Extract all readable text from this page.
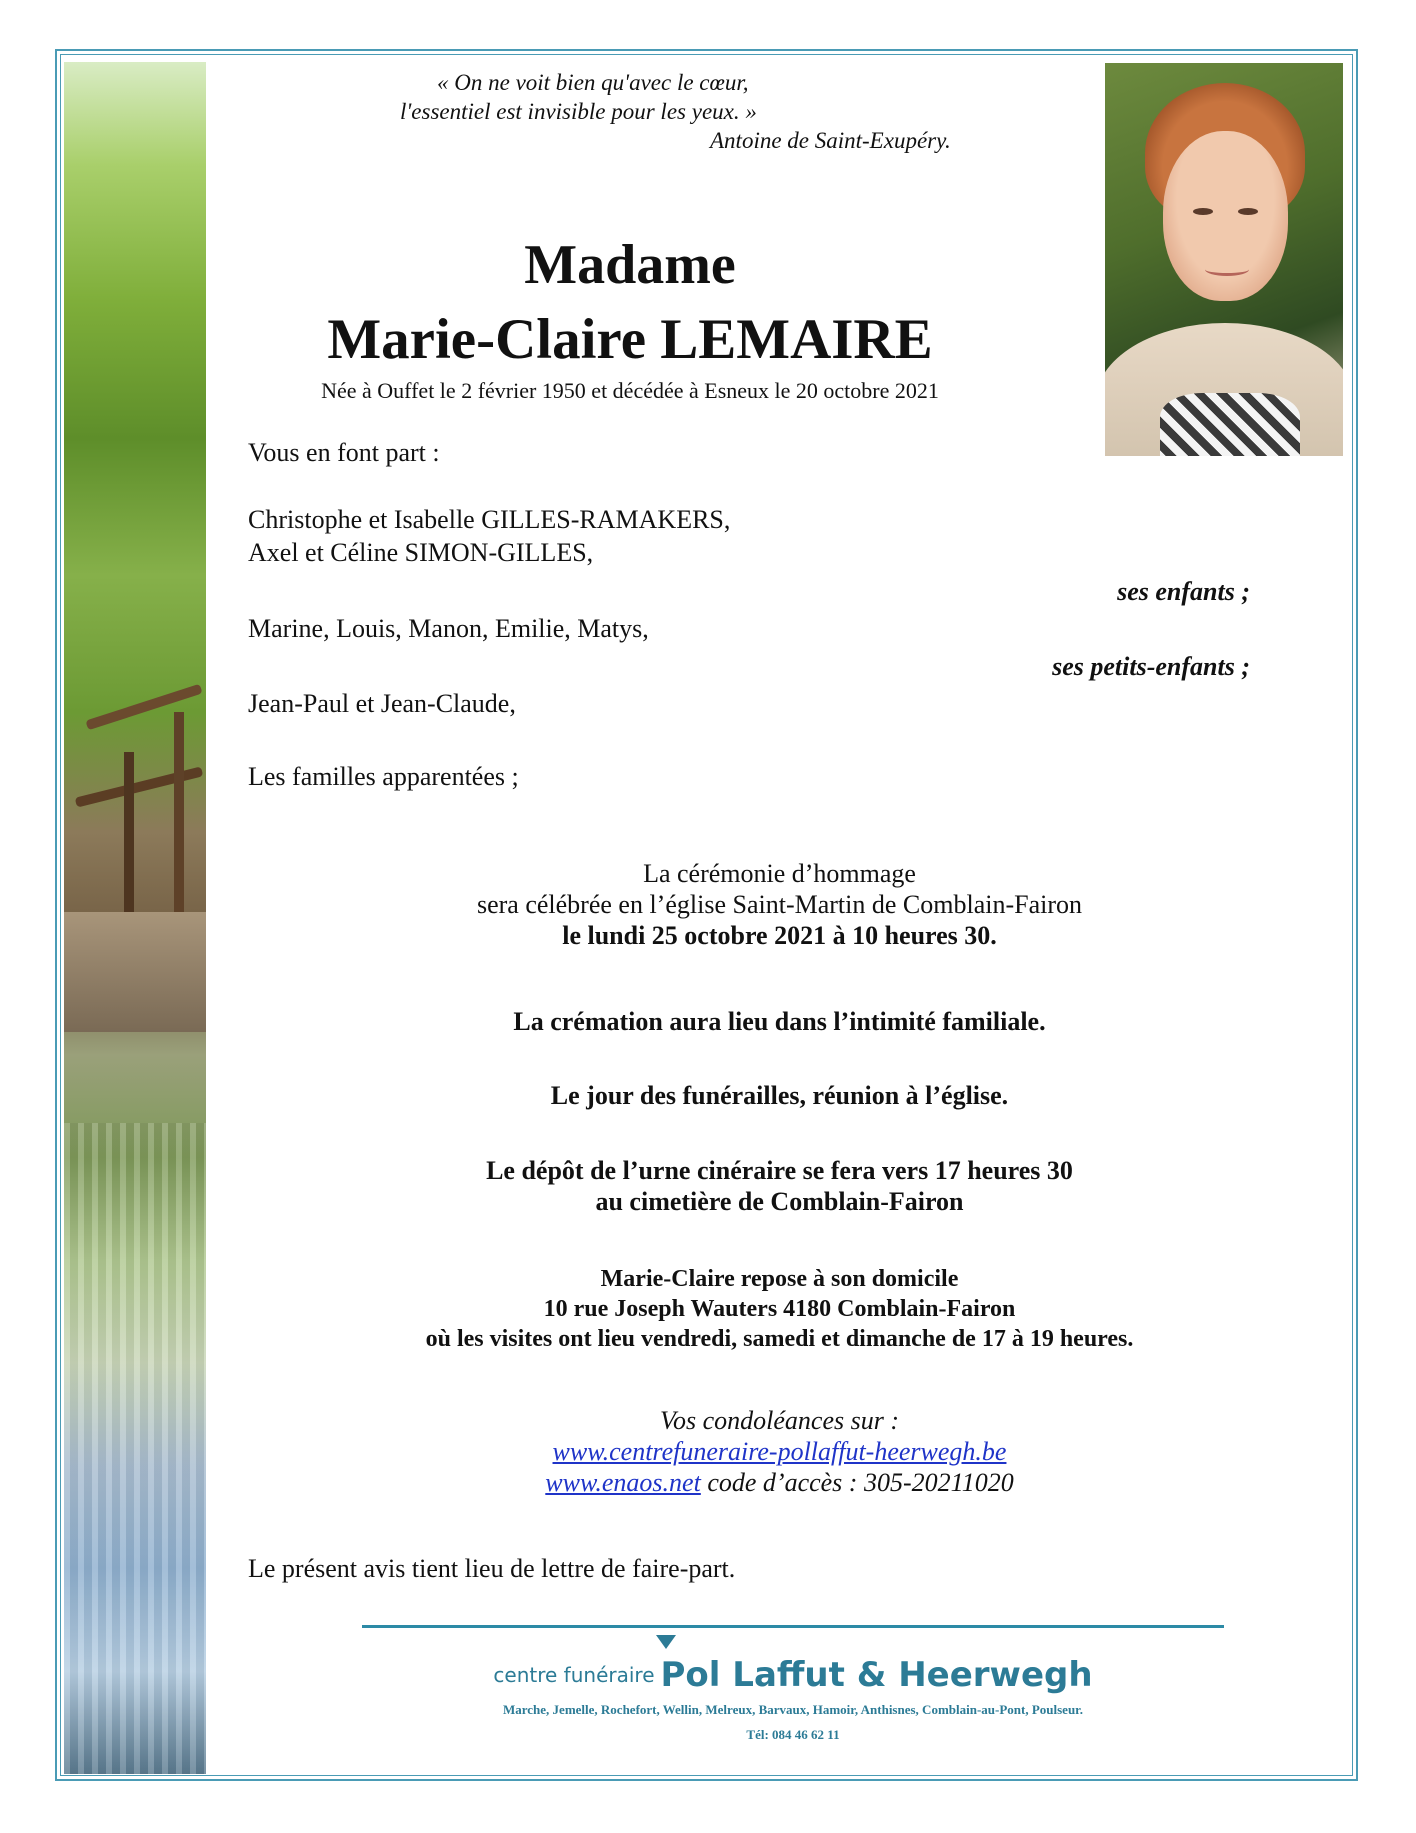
« On ne voit bien qu'avec le cœur,
l'essentiel est invisible pour les yeux. »
Antoine de Saint-Exupéry.
Madame
Marie-Claire LEMAIRE
Née à Ouffet le 2 février 1950 et décédée à Esneux le 20 octobre 2021
Vous en font part :
Christophe et Isabelle GILLES-RAMAKERS,
Axel et Céline SIMON-GILLES,
ses enfants ;
Marine, Louis, Manon, Emilie, Matys,
ses petits-enfants ;
Jean-Paul et Jean-Claude,
Les familles apparentées ;
La cérémonie d’hommage
sera célébrée en l’église Saint-Martin de Comblain-Fairon
le lundi 25 octobre 2021 à 10 heures 30.
La crémation aura lieu dans l’intimité familiale.
Le jour des funérailles, réunion à l’église.
Le dépôt de l’urne cinéraire se fera vers 17 heures 30
au cimetière de Comblain-Fairon
Marie-Claire repose à son domicile
10 rue Joseph Wauters 4180 Comblain-Fairon
où les visites ont lieu vendredi, samedi et dimanche de 17 à 19 heures.
Vos condoléances sur :
www.centrefuneraire-pollaffut-heerwegh.be
www.enaos.net code d’accès : 305-20211020
Le présent avis tient lieu de lettre de faire-part.
centre funéraire Pol Laffut & Heerwegh
Marche, Jemelle, Rochefort, Wellin, Melreux, Barvaux, Hamoir, Anthisnes, Comblain-au-Pont, Poulseur.
Tél: 084 46 62 11
